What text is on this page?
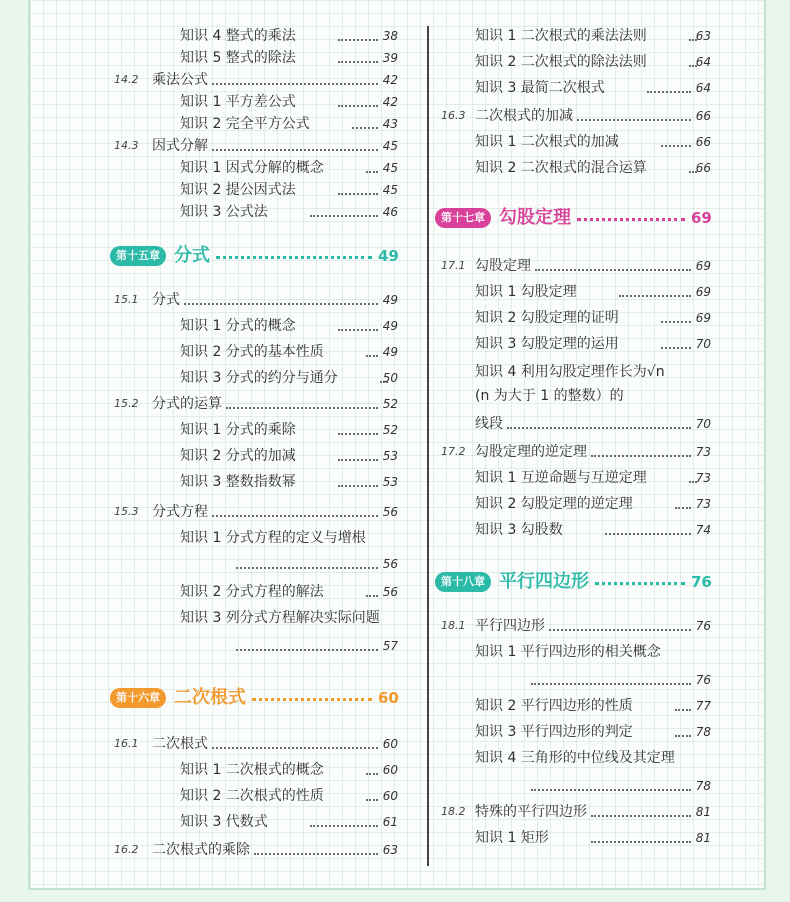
知识 4 整式的乘法	38
知识 5 整式的除法	39
14.2 乘法公式	42
知识 1 平方差公式	42
知识 2 完全平方公式	43
14.3 因式分解	45
知识 1 因式分解的概念	45
知识 2 提公因式法	45
知识 3 公式法	46
第十五章 分式	49
15.1 分式	49
知识 1 分式的概念	49
知识 2 分式的基本性质	49
知识 3 分式的约分与通分	50
15.2 分式的运算	52
知识 1 分式的乘除	52
知识 2 分式的加减	53
知识 3 整数指数幂	53
15.3 分式方程	56
知识 1 分式方程的定义与增根
56
知识 2 分式方程的解法	56
知识 3 列分式方程解决实际问题
57
第十六章 二次根式	60
16.1 二次根式	60
知识 1 二次根式的概念	60
知识 2 二次根式的性质	60
知识 3 代数式	61
16.2 二次根式的乘除	63
知识 1 二次根式的乘法法则	63
知识 2 二次根式的除法法则	64
知识 3 最简二次根式	64
16.3 二次根式的加减	66
知识 1 二次根式的加减	66
知识 2 二次根式的混合运算	66
第十七章 勾股定理	69
17.1 勾股定理	69
知识 1 勾股定理	69
知识 2 勾股定理的证明	69
知识 3 勾股定理的运用	70
知识 4 利用勾股定理作长为√n
(n 为大于 1 的整数）的
线段	70
17.2 勾股定理的逆定理	73
知识 1 互逆命题与互逆定理	73
知识 2 勾股定理的逆定理	73
知识 3 勾股数	74
第十八章 平行四边形	76
18.1 平行四边形	76
知识 1 平行四边形的相关概念
76
知识 2 平行四边形的性质	77
知识 3 平行四边形的判定	78
知识 4 三角形的中位线及其定理
78
18.2 特殊的平行四边形	81
知识 1 矩形	81
